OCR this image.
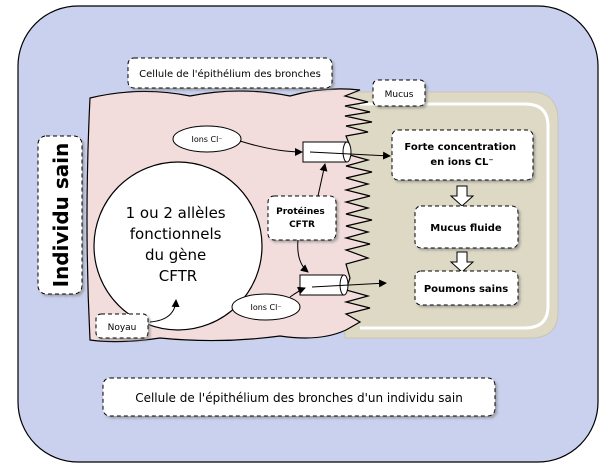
Individu sain
Cellule de l'épithélium des bronches
Mucus
Ions Cl⁻
1 ou 2 allèles fonctionnels du gène CFTR
Noyau
Protéines CFTR
Ions Cl⁻
Forte concentration en ions CL⁻
Mucus fluide
Poumons sains
Cellule de l'épithélium des bronches d'un individu sain
